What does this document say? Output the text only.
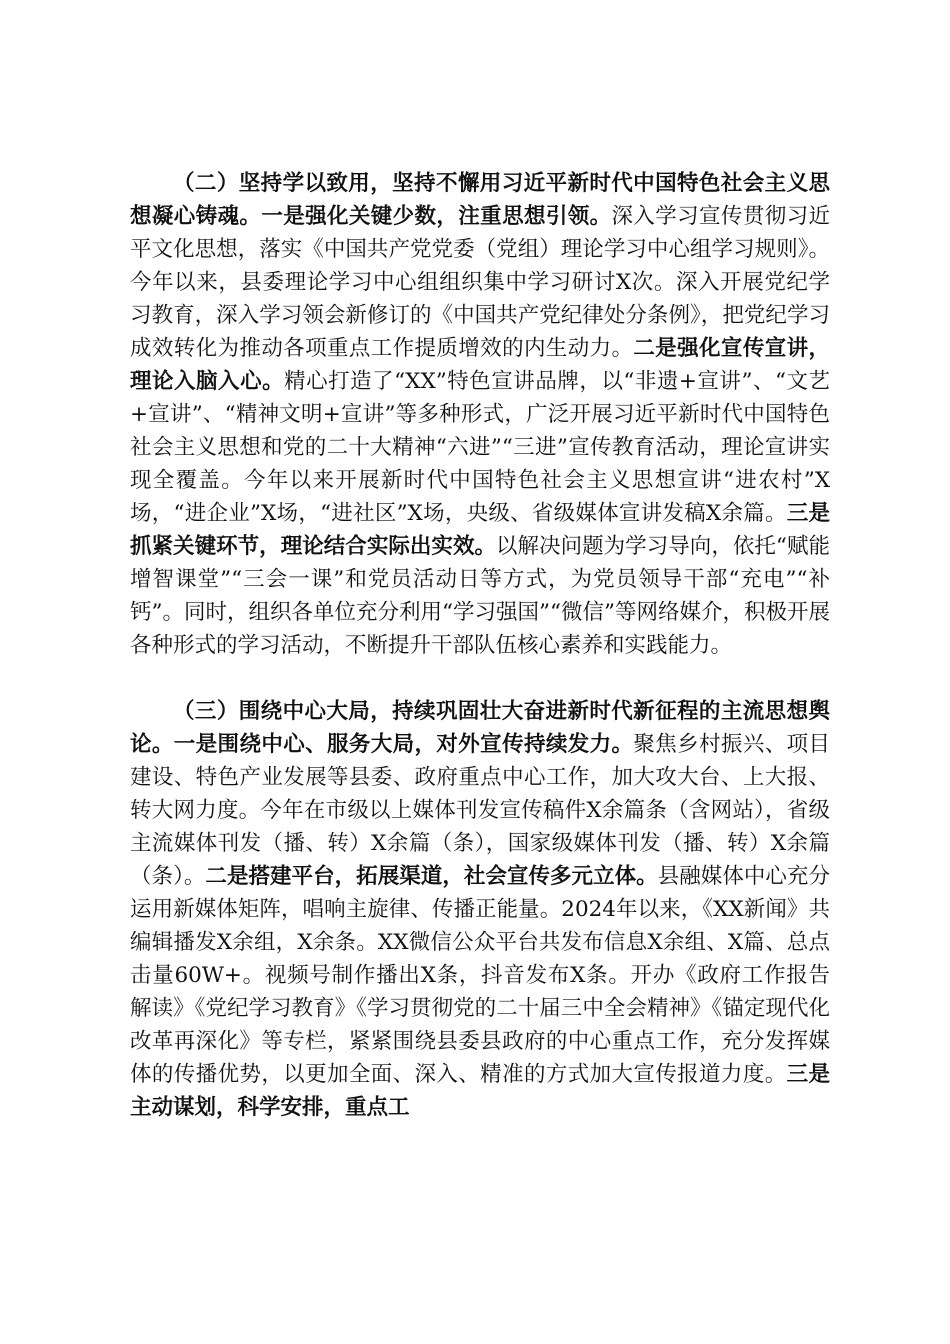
（二）坚持学以致用，坚持不懈用习近平新时代中国特色社会主义思想凝心铸魂。一是强化关键少数，注重思想引领。深入学习宣传贯彻习近平文化思想，落实《中国共产党党委（党组）理论学习中心组学习规则》。今年以来，县委理论学习中心组组织集中学习研讨X次。深入开展党纪学习教育，深入学习领会新修订的《中国共产党纪律处分条例》，把党纪学习成效转化为推动各项重点工作提质增效的内生动力。二是强化宣传宣讲，理论入脑入心。精心打造了“XX”特色宣讲品牌，以“非遗+宣讲”、“文艺+宣讲”、“精神文明+宣讲”等多种形式，广泛开展习近平新时代中国特色社会主义思想和党的二十大精神“六进”“三进”宣传教育活动，理论宣讲实现全覆盖。今年以来开展新时代中国特色社会主义思想宣讲“进农村”X场，“进企业”X场，“进社区”X场，央级、省级媒体宣讲发稿X余篇。三是抓紧关键环节，理论结合实际出实效。以解决问题为学习导向，依托“赋能增智课堂”“三会一课”和党员活动日等方式，为党员领导干部“充电”“补钙”。同时，组织各单位充分利用“学习强国”“微信”等网络媒介，积极开展各种形式的学习活动，不断提升干部队伍核心素养和实践能力。

（三）围绕中心大局，持续巩固壮大奋进新时代新征程的主流思想舆论。一是围绕中心、服务大局，对外宣传持续发力。聚焦乡村振兴、项目建设、特色产业发展等县委、政府重点中心工作，加大攻大台、上大报、转大网力度。今年在市级以上媒体刊发宣传稿件X余篇条（含网站），省级主流媒体刊发（播、转）X余篇（条），国家级媒体刊发（播、转）X余篇（条）。二是搭建平台，拓展渠道，社会宣传多元立体。县融媒体中心充分运用新媒体矩阵，唱响主旋律、传播正能量。2024年以来，《XX新闻》共编辑播发X余组，X余条。XX微信公众平台共发布信息X余组、X篇、总点击量60W+。视频号制作播出X条，抖音发布X条。开办《政府工作报告解读》《党纪学习教育》《学习贯彻党的二十届三中全会精神》《锚定现代化 改革再深化》等专栏，紧紧围绕县委县政府的中心重点工作，充分发挥媒体的传播优势，以更加全面、深入、精准的方式加大宣传报道力度。三是主动谋划，科学安排，重点工
